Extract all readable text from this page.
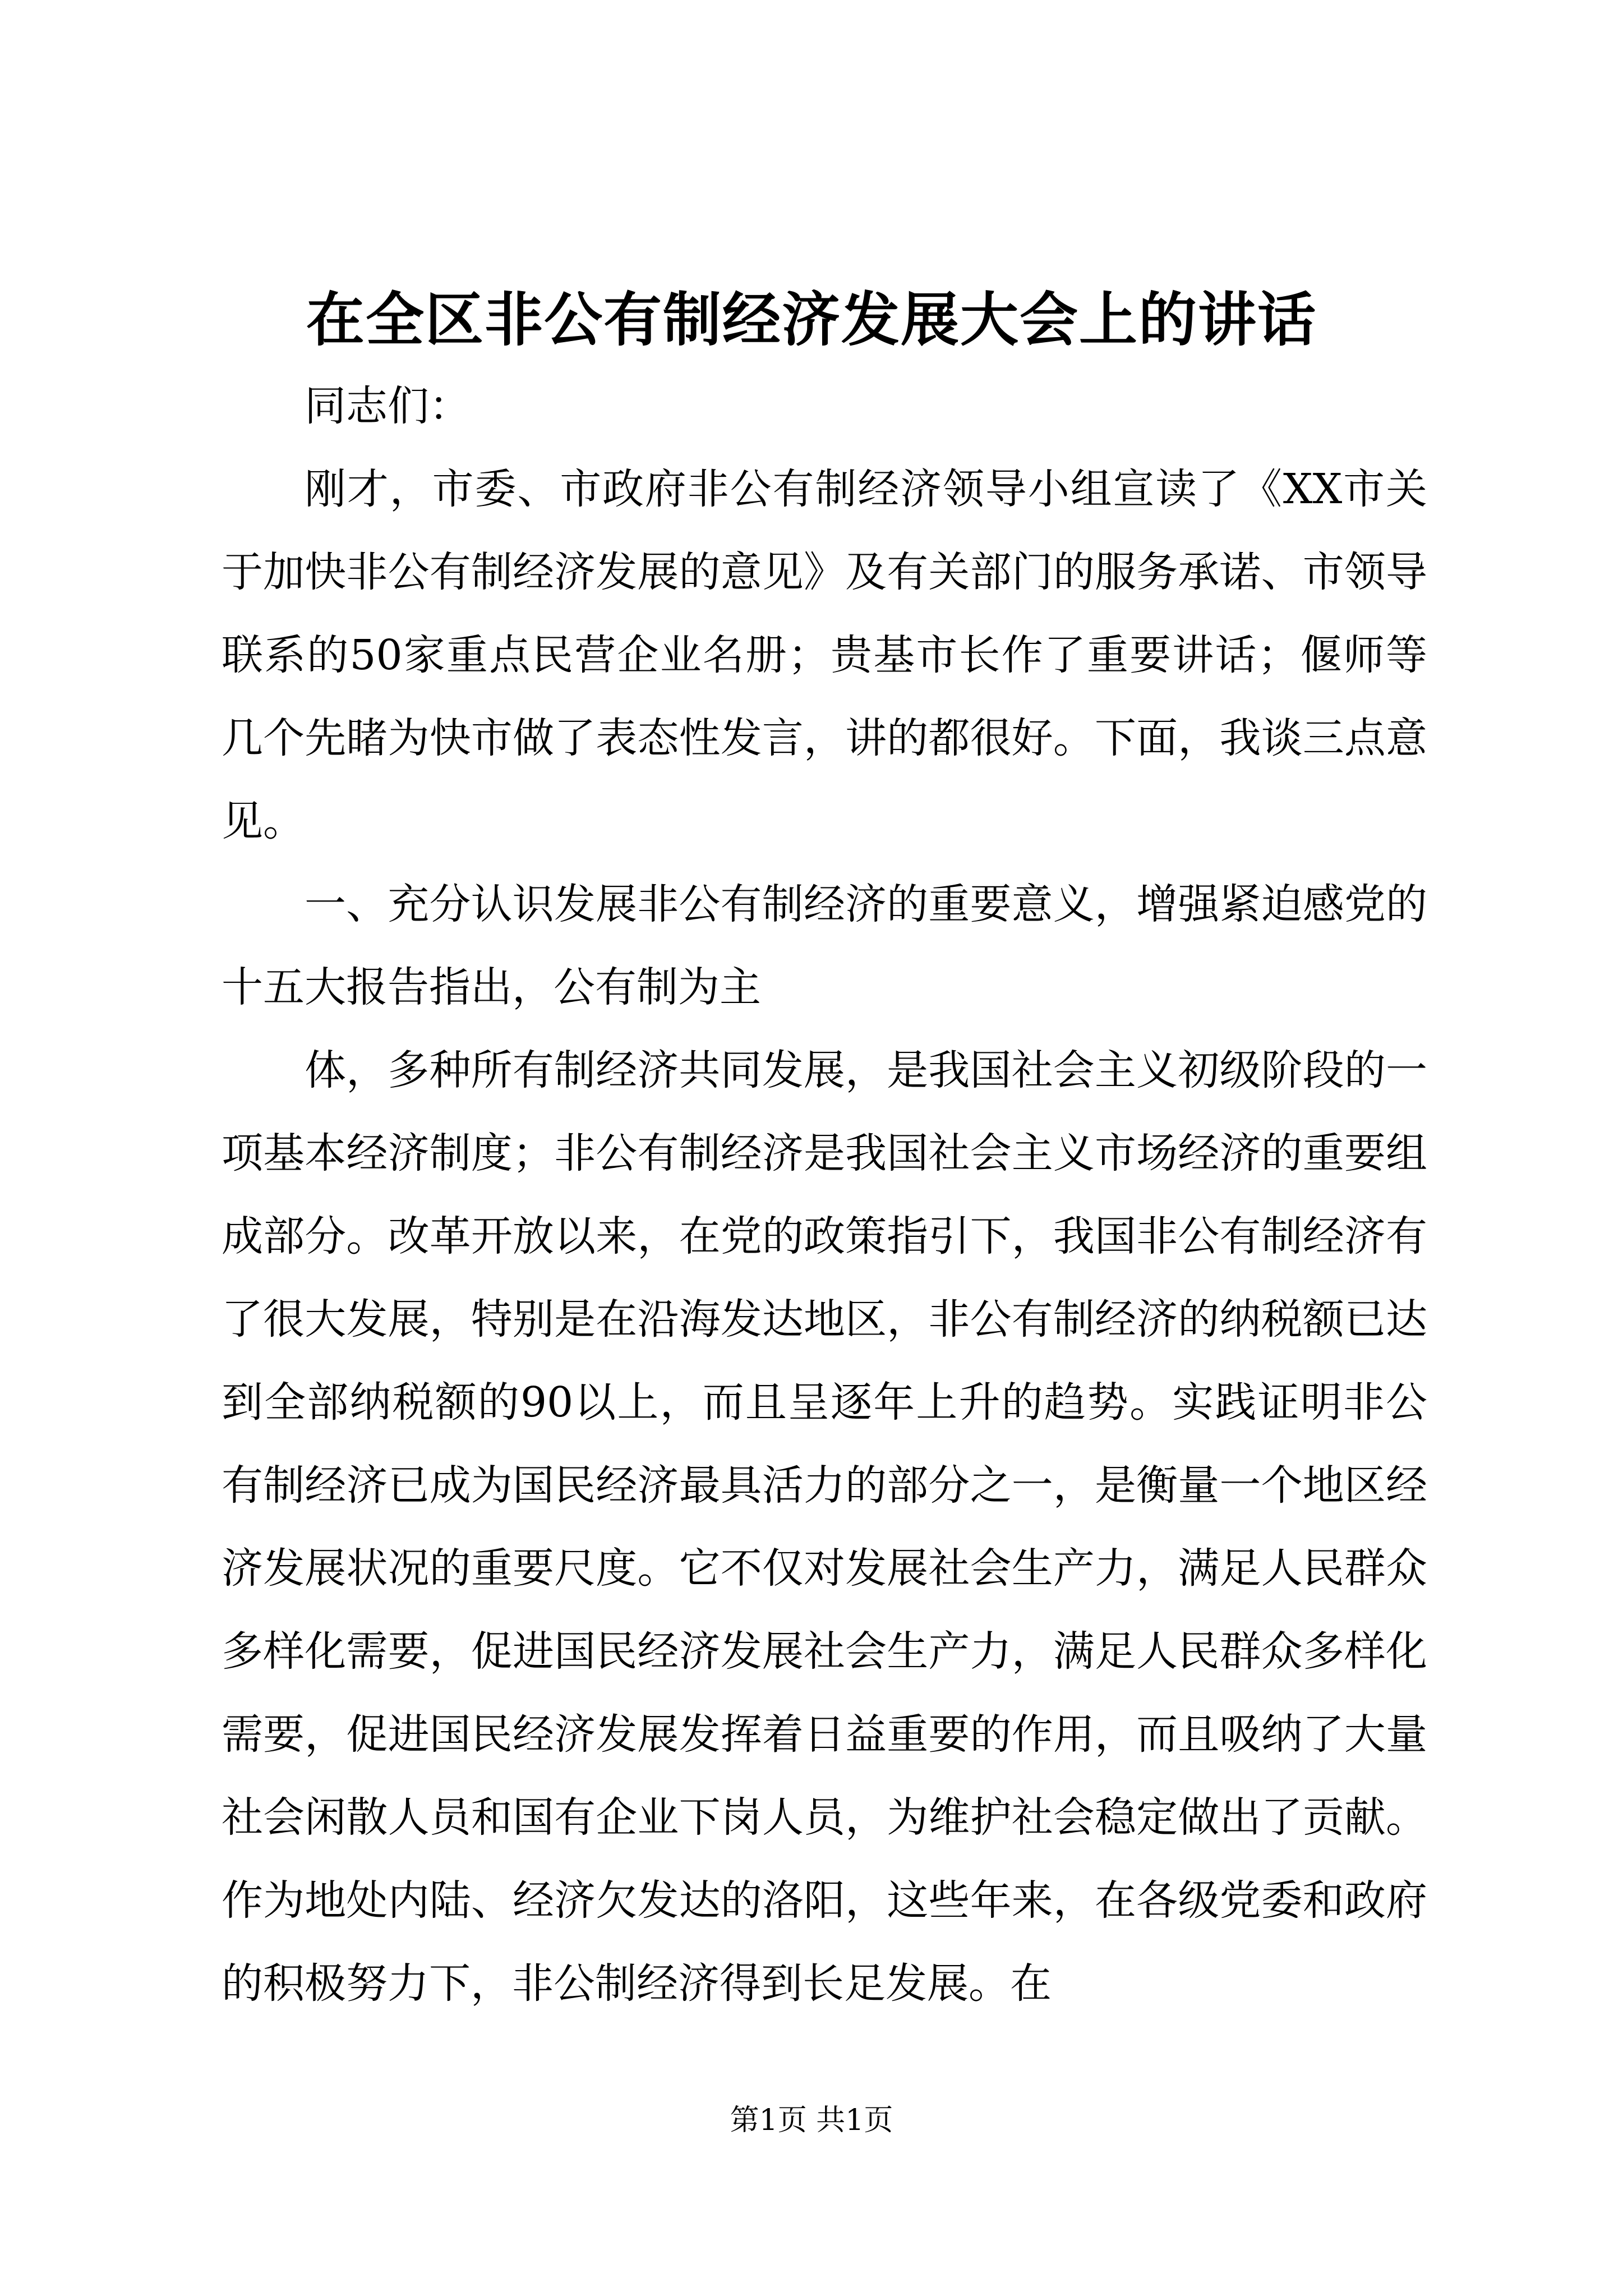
在全区非公有制经济发展大会上的讲话

同志们：

刚才，市委、市政府非公有制经济领导小组宣读了《XX市关于加快非公有制经济发展的意见》及有关部门的服务承诺、市领导联系的50家重点民营企业名册；贵基市长作了重要讲话；偃师等几个先睹为快市做了表态性发言，讲的都很好。下面，我谈三点意见。

一、充分认识发展非公有制经济的重要意义，增强紧迫感党的十五大报告指出，公有制为主

体，多种所有制经济共同发展，是我国社会主义初级阶段的一项基本经济制度；非公有制经济是我国社会主义市场经济的重要组成部分。改革开放以来，在党的政策指引下，我国非公有制经济有了很大发展，特别是在沿海发达地区，非公有制经济的纳税额已达到全部纳税额的90以上，而且呈逐年上升的趋势。实践证明非公有制经济已成为国民经济最具活力的部分之一，是衡量一个地区经济发展状况的重要尺度。它不仅对发展社会生产力，满足人民群众多样化需要，促进国民经济发展社会生产力，满足人民群众多样化需要，促进国民经济发展发挥着日益重要的作用，而且吸纳了大量社会闲散人员和国有企业下岗人员，为维护社会稳定做出了贡献。作为地处内陆、经济欠发达的洛阳，这些年来，在各级党委和政府的积极努力下，非公制经济得到长足发展。在

第1页 共1页
